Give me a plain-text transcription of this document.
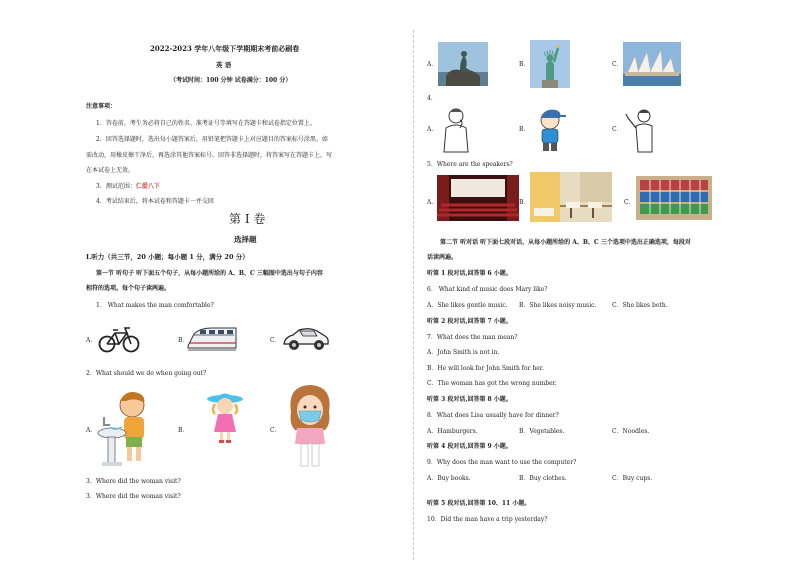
2022-2023 学年八年级下学期期末考前必刷卷
英 语
（考试时间：100 分钟 试卷满分：100 分）
注意事项：
1．答卷前，考生务必将自己的姓名、准考证号等填写在答题卡和试卷指定位置上。
2．回答选择题时，选出每小题答案后，用铅笔把答题卡上对应题目的答案标号涂黑。如
需改动，用橡皮擦干净后，再选涂其他答案标号。回答非选择题时，将答案写在答题卡上，写
在本试卷上无效。
3．测试范围：仁爱八下
4．考试结束后，将本试卷和答题卡一并交回
第 I 卷
选择题
I.听力（共三节，20 小题；每小题 1 分，满分 20 分）
第一节 听句子 听下面五个句子，从每小题所给的 A、B、C 三幅图中选出与句子内容
相符的选项。每个句子读两遍。
1． What makes the man comfortable?
A．	B．	C．
2．What should we do when going out?
A．	B．	C．
3．Where did the woman visit?
3．Where did the woman visit?
A．	B．	C．
4．
A．	B．	C．
5．Where are the speakers?
A．	B．	C．
第二节 听对话 听下面七段对话，从每小题所给的 A、B、C 三个选项中选出正确选项，每段对
话读两遍。
听第 1 段对话,回答第 6 小题。
6． What kind of music does Mary like?
A．She likes gentle music. B．She likes noisy music.	C．She likes both.
听第 2 段对话,回答第 7 小题。
7．What does the man mean?
A．John Smith is not in.
B．He will look for John Smith for her.
C．The woman has got the wrong number.
听第 3 段对话,回答第 8 小题。
8．What does Lisa usually have for dinner?
A．Hamburgers.	B．Vegetables.	C．Noodles.
听第 4 段对话,回答第 9 小题。
9．Why does the man want to use the computer?
A．Buy books.	B．Buy clothes.	C．Buy cups.
听第 5 段对话,回答第 10、11 小题。
10．Did the man have a trip yesterday?
